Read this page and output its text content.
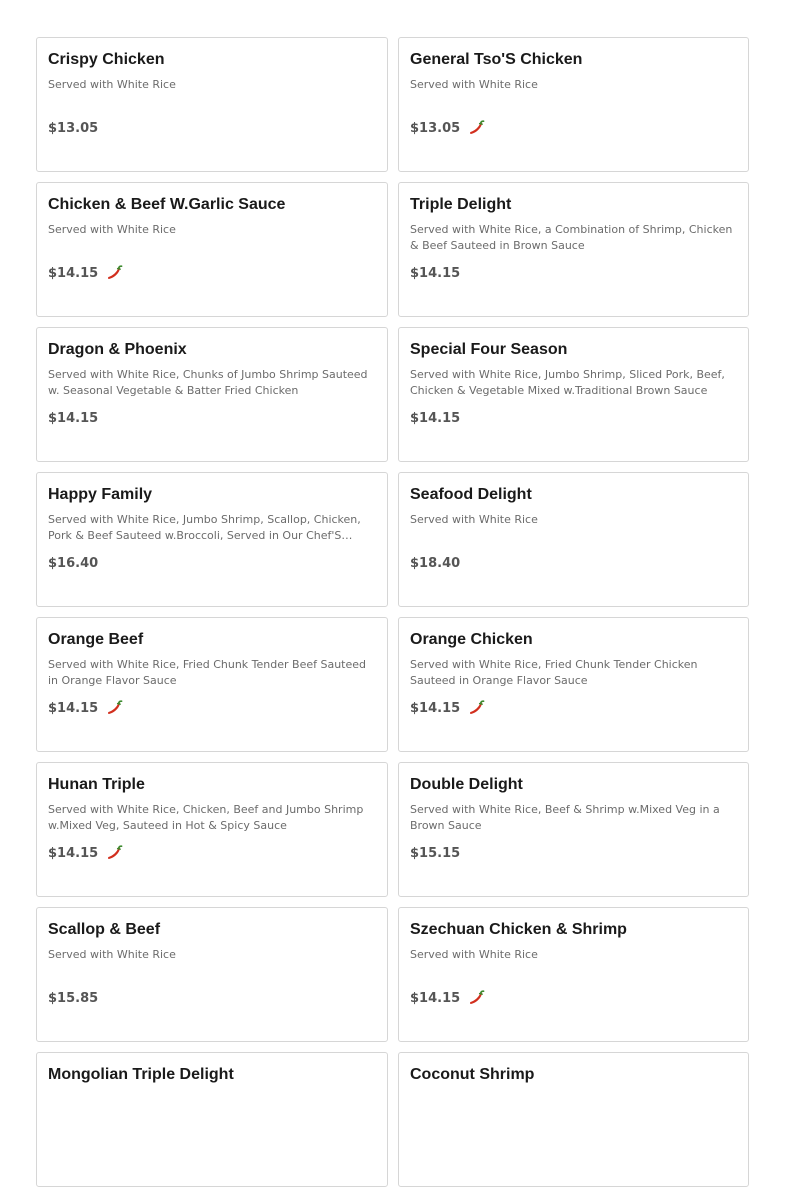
Crispy Chicken
Served with White Rice
$13.05
General Tso'S Chicken
Served with White Rice
$13.05
Chicken & Beef W.Garlic Sauce
Served with White Rice
$14.15
Triple Delight
Served with White Rice, a Combination of Shrimp, Chicken & Beef Sauteed in Brown Sauce
$14.15
Dragon & Phoenix
Served with White Rice, Chunks of Jumbo Shrimp Sauteed w. Seasonal Vegetable & Batter Fried Chicken
$14.15
Special Four Season
Served with White Rice, Jumbo Shrimp, Sliced Pork, Beef, Chicken & Vegetable Mixed w.Traditional Brown Sauce
$14.15
Happy Family
Served with White Rice, Jumbo Shrimp, Scallop, Chicken, Pork & Beef Sauteed w.Broccoli, Served in Our Chef'S…
$16.40
Seafood Delight
Served with White Rice
$18.40
Orange Beef
Served with White Rice, Fried Chunk Tender Beef Sauteed in Orange Flavor Sauce
$14.15
Orange Chicken
Served with White Rice, Fried Chunk Tender Chicken Sauteed in Orange Flavor Sauce
$14.15
Hunan Triple
Served with White Rice, Chicken, Beef and Jumbo Shrimp w.Mixed Veg, Sauteed in Hot & Spicy Sauce
$14.15
Double Delight
Served with White Rice, Beef & Shrimp w.Mixed Veg in a Brown Sauce
$15.15
Scallop & Beef
Served with White Rice
$15.85
Szechuan Chicken & Shrimp
Served with White Rice
$14.15
Mongolian Triple Delight	Coconut Shrimp
